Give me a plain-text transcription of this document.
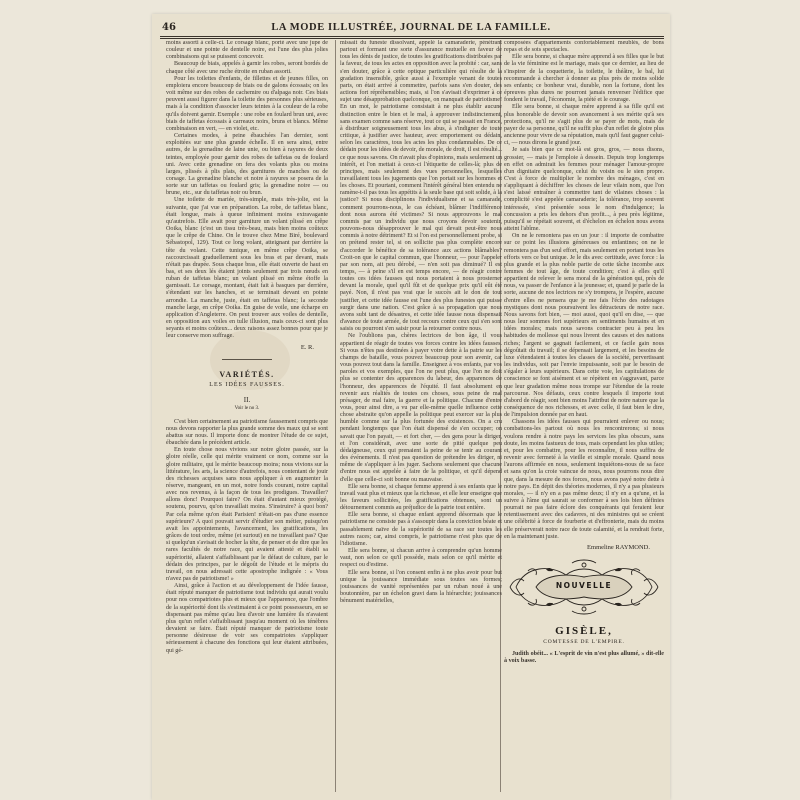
46	LA MODE ILLUSTRÉE, JOURNAL DE LA FAMILLE.

moins assorti à celle-ci. Le corsage blanc, porté avec une jupe de couleur et une pointe de dentelle noire, est l'une des plus jolies combinaisons qui se puissent concevoir.

Beaucoup de biais, appelés à garnir les robes, seront bordés de chaque côté avec une ruche étroite en ruban assorti.

Pour les toilettes d'enfants, de fillettes et de jeunes filles, on emploiera encore beaucoup de biais ou de galons écossais; on les voit même sur des robes de cachemire ou d'alpaga noir. Ces biais peuvent aussi figurer dans la toilette des personnes plus sérieuses, mais à la condition d'associer leurs teintes à la couleur de la robe qu'ils doivent garnir. Exemple : une robe en foulard brun uni, avec biais de taffetas écossais à carreaux noirs, bruns et blancs. Même combinaison en vert, — en violet, etc.

Certaines modes, à peine ébauchées l'an dernier, sont exploitées sur une plus grande échelle. Il en sera ainsi, entre autres, de la grenadine de laine unie, ou bien à rayures de deux teintes, employée pour garnir des robes de taffetas ou de foulard uni. Avec cette grenadine on fera des volants plus ou moins larges, plissés à plis plats, des garnitures de manches ou de corsage. La grenadine blanche et noire à rayures se posera de la sorte sur un taffetas ou foulard gris; la grenadine noire — ou brune, etc., sur du taffetas noir ou brun.

Une toilette de mariée, très-simple, mais très-jolie, est la suivante, que j'ai vue en préparation. La robe, de taffetas blanc, était longue, mais à queue infiniment moins extravagante qu'autrefois. Elle avait pour garniture un volant plissé en crêpe Ooika, blanc (c'est un tissu très-beau, mais bien moins coûteux que le crêpe de Chine. On le trouve chez Mme Biré, boulevard Sébastopol, 129). Tout ce long volant, atteignant par derrière la tête du volant. Cette tunique, en même crêpe Ooika, se raccourcissait graduellement sous les bras et par devant, mais n'était pas drapée. Sous chaque bras, elle était ouverte de haut en bas, et ses deux lés étaient joints seulement par trois nœuds en ruban de taffetas blanc; un volant plissé en même étoffe la garnissait. Le corsage, montant, était fait à basques par derrière, s'étendant sur les hanches, et se terminait devant en pointe arrondie. La manche, juste, était en taffetas blanc; la seconde manche large, en crêpe Ooika. En guise de voile, une écharpe en application d'Angleterre. On peut trouver aux voiles de dentelle, en opposition aux voiles en tulle illusion, mais ceux-ci sont plus seyants et moins coûteux... deux raisons assez bonnes pour que je leur conserve mon suffrage.

E. R.
VARIÉTÉS.
LES IDÉES FAUSSES.
II.
Voir le no 3.

C'est bien certainement au patriotisme faussement compris que nous devons rapporter la plus grande somme des maux qui se sont abattus sur nous. Il importe donc de montrer l'étude de ce sujet, ébauchée dans le précédent article.

En toute chose nous vivions sur notre gloire passée, sur la gloire réelle, celle qui mérite vraiment ce nom, comme sur la gloire militaire, qui le mérite beaucoup moins; nous vivions sur la littérature, les arts, la science d'autrefois, nous contentant de jouir des richesses acquises sans nous appliquer à en augmenter la réserve, mangeant, en un mot, notre fonds courant, notre capital avec nos revenus, à la façon de tous les prodigues. Travailler? allons donc! Pourquoi faire? On était d'autant mieux protégé, soutenu, pourvu, qu'on travaillait moins. S'instruire? à quoi bon? Par cela même qu'on était Parisien! n'était-on pas d'une essence supérieure? A quoi pouvait servir d'étudier son métier, puisqu'on avait les appointements, l'avancement, les gratifications, les grâces de tout ordre, même (et surtout) en ne travaillant pas? Que si quelqu'un s'avisait de hocher la tête, de penser et de dire que les rares facultés de notre race, qui avaient attesté et établi sa supériorité, allaient s'affaiblissant par le défaut de culture, par le dédain des principes, par le dégoût de l'étude et le mépris du travail, on nous adressait cette apostrophe indignée : « Vous n'avez pas de patriotisme! »

Ainsi, grâce à l'action et au développement de l'idée fausse, était réputé manquer de patriotisme tout individu qui aurait voulu pour nos compatriotes plus et mieux que l'apparence, que l'ombre de la supériorité dont ils s'estimaient à ce point possesseurs, en se dispensant pas même qu'au lieu d'avoir une lumière ils n'avaient plus qu'un reflet s'affaiblissant jusqu'au moment où les ténèbres devaient se faire. Était réputé manquer de patriotisme toute personne désireuse de voir ses compatriotes s'appliquer sérieusement à chacune des fonctions qui leur étaient attribuées, qui gé-

missait du funeste dissolvant, appelé la camaraderie, pénétrant partout et formant une sorte d'assurance mutuelle en faveur de tous les dénis de justice, de toutes les gratifications distribuées par la faveur, de tous les actes en opposition avec la probité : car, sans s'en douter, grâce à cette optique particulière qui résulte de la gradation insensible, grâce aussi à l'exemple venant de toutes parts, on était arrivé à commettre, parfois sans s'en douter, des actions fort répréhensibles; mais, si l'on s'avisait d'exprimer à ce sujet une désapprobation quelconque, on manquait de patriotisme! En un mot, le patriotisme consistait à ne plus établir aucune distinction entre le bien et le mal, à approuver indistinctement, sans examen comme sans réserve, tout ce qui se passait en France, à distribuer soigneusement tous les abus, à s'indigner de toute critique, à justifier avec hauteur, avec emportement ou dédain, selon les caractères, tous les actes les plus condamnables. De ce dédain pour les idées de devoir, de morale, de droit, il est résulté... ce que nous savons. On n'avait plus d'opinions, mais seulement un intérêt, et l'on mettait à ceux-ci l'étiquette de celles-là; plus de principes, mais seulement des vues personnelles, lesquelles travaillaient tous les jugements que l'on portait sur les hommes et les choses. Et pourtant, comment l'intérêt général bien entendu ne ramène-t-il pas tous les appétits à la seule base qui soit solide, à la justice? Si nous disciplinons l'individualisme et sa camarade, comment pourrons-nous, le cas échéant, blâmer l'indifférence dont nous aurons été victimes? Si nous approuvons le mal commis par un individu que nous croyons devoir soutenir, pouvons-nous désapprouver le mal qui devait peut-être nous commis à notre détriment? Et si l'on est personnellement probe, si on prétend rester tel, si on sollicite pas plus complète encore d'accorder le bénéfice de sa tolérance aux actions blâmables? Croit-on que le capital commun, que l'honneur, — pour l'appeler par son nom, ait peu dérobé, — n'en soit pas diminué? Il est temps, — à peine s'il en est temps encore, — de réagir contre toutes ces idées fausses qui nous portaient à nous prosterner devant la morale, quel qu'il fût et de quelque prix qu'il eût été payé. Non, il n'est pas vrai que le succès ait le don de tout justifier, et cette idée fausse est l'une des plus funestes qui puisse surgir dans une nation. C'est grâce à sa propagation que nous avons subi tant de désastres, et cette idée fausse nous dispensait d'avance de toute armée, de tout recours contre ceux qui s'en sont saisis ou pourront s'en saisir pour la retourner contre nous.

Ne l'oublions pas, chères lectrices de bon âge, il vous appartient de réagir de toutes vos forces contre les idées fausses. Si vous n'êtes pas destinées à payer votre dette à la patrie sur les champs de bataille, vous pouvez beaucoup pour son avenir, car vous pouvez tout dans la famille. Enseignez à vos enfants, par vos paroles et vos exemples, que l'on ne peut plus, que l'on ne doit plus se contenter des apparences du labeur, des apparences de l'honneur, des apparences de l'équité. Il faut absolument en revenir aux réalités de toutes ces choses, sous peine de mal présager, de mal faire, la guerre et la politique. Chacune d'entre vous, pour ainsi dire, a vu par elle-même quelle influence cette chose abstraite qu'on appelle la politique peut exercer sur la plus humble comme sur la plus fortunée des existences. On a cru pendant longtemps que l'on était dispensé de s'en occuper; on savait que l'on payait, — et fort cher, — des gens pour la diriger, et l'on considérait, avec une sorte de pitié quelque peu dédaigneuse, ceux qui prenaient la peine de se tenir au courant des événements. Il n'est pas question de prétendre les diriger, ni même de s'appliquer à les juger. Sachons seulement que chacune d'entre nous est appelée à faire de la politique, et qu'il dépend d'elle que celle-ci soit bonne ou mauvaise.

Elle sera bonne, si chaque femme apprend à ses enfants que le travail vaut plus et mieux que la richesse, et elle leur enseigne que les faveurs sollicitées, les gratifications obtenues, sont un détournement commis au préjudice de la patrie tout entière.

Elle sera bonne, si chaque enfant apprend désormais que le patriotisme ne consiste pas à s'assoupir dans la conviction béate et passablement naïve de la supériorité de sa race sur toutes les autres races; car, ainsi compris, le patriotisme n'est plus que de l'idiotisme.

Elle sera bonne, si chacun arrive à comprendre qu'un homme vaut, non selon ce qu'il possède, mais selon ce qu'il mérite et respect ou d'estime.

Elle sera bonne, si l'on consent enfin à ne plus avoir pour but unique la jouissance immédiate sous toutes ses formes; jouissances de vanité représentées par un ruban noué à une boutonnière, par un échelon gravi dans la hiérarchie; jouissances bénument matérielles,

composées d'appartements confortablement meublés, de bons repas et de sots spectacles.

Elle sera bonne, si chaque mère apprend à ses filles que le but de la vie féminine est le mariage, mais que ce dernier, au lieu de s'inspirer de la coquetterie, la toilette, le théâtre, le bal, lui recommande à chercher à donner au plus près de moins solide ses enfants; ce bonheur vrai, durable, non la fortune, dont les épreuves plus dures ne pourront jamais renverser l'édifice que fondent le travail, l'économie, la piété et le courage.

Elle sera bonne, si chaque mère apprend à sa fille qu'il est plus honorable de devoir son avancement à ses mérite qu'à ses protections, qu'il ne s'agit plus de se payer de mots, mais de payer de sa personne, qu'il ne suffit plus d'un reflet de gloire plus ancienne pour vivre de sa réputation, mais qu'il faut gagner celui-ci, — nous dirons le grand jour.

Je sais bien que ce mot-là est gros, gros, — nous disons, grossier, — mais je l'emploie à dessein. Depuis trop longtemps en effet on admirait les femmes pour ménager l'amour-propre d'un dignitaire quelconque, celui du voisin ou le sien propre. C'est à force de multiplier le nombre des ménages, c'est en s'appliquant à déchiffrer les choses de leur vilain nom, que l'on s'est laissé entraîner à commettre tant de vilaines choses : la complicité s'est appelée camaraderie; la tolérance, trop souvent intéressée, s'est présentée sous le nom d'indulgence; la concussion a pris les dehors d'un profit..., à peu près légitime, puisqu'il se répétait souvent, et d'échelon en échelon nous avons atteint l'abîme.

On ne le remontera pas en un jour : il importe de combattre sur ce point les illusions généreuses ou enfantines; on ne le remontera pas d'un seul effort, mais seulement en portant tous les efforts vers ce but unique. Je le dis avec certitude, avec force : la plus grande et la plus noble partie de cette tâche incombe aux femmes de tout âge, de toute condition; c'est à elles qu'il appartient de relever le sens moral de la génération qui, près de nous, va passer de l'enfance à la jeunesse; et, quand je parle de la sorte, aucune de nos lectrices ne s'y trompera, je l'espère, aucune d'entre elles ne pensera que je me fais l'écho des radotages mystiques dont nous poursuivent les détracteurs de notre race. Nous savons fort bien, — moi aussi, quoi qu'il en dise, — que nous leur sommes fort supérieurs en sentiments humains et en idées morales; mais nous savons contracter peu à peu les habitudes de mollesse qui nous livrent des causes et des nations riches; l'argent se gagnait facilement, et ce facile gain nous dégoûtait du travail; il se dépensait largement, et les besoins de luxe s'étendaient à toutes les classes de la société, pervertissant les individus, soit par l'envie impuissante, soit par le besoin de s'égaler à leurs supérieurs. Dans cette voie, les capitulations de conscience se font aisément et se répètent en s'aggravant, parce que leur gradation même nous trompe sur l'étendue de la route parcourue. Nos défauts, ceux contre lesquels il importe tout d'abord de réagir, sont bien moins l'attribut de notre nature que la conséquence de nos richesses, et avec celle, il faut bien le dire, de l'impulsion donnée par en haut.

Chassons les idées fausses qui pourraient enlever ou nous; combattons-les partout où nous les rencontrerons; si nous voulons rendre à notre pays les services les plus obscurs, sans doute, les moins fastueux de tous, mais cependant les plus utiles; et, pour les combattre, pour les reconnaître, il nous suffira de revenir avec fermeté à la vieille et simple morale. Quand nous l'aurons affirmée en nous, seulement inquiétons-nous de sa face et sans qu'on la croie vaincue de nous, nous pourrons nous dire que, dans la mesure de nos forces, nous avons payé notre dette à notre pays. En dépit des théories modernes, il n'y a pas plusieurs morales, — il n'y en a pas même deux; il n'y en a qu'une, et la suivre à l'âme qui saurait se conformer à ses lois bien définies pourrait ne pas faire éclore des conquérants qui feraient leur retentissement avec des cadavres, ni des ministres qui se créent une célébrité à force de fourberie et d'effronterie, mais du moins elle préserverait notre race de toute calamité, et la rendrait forte, en la maintenant juste.

Emmeline RAYMOND.
NOUVELLE
GISÈLE,
COMTESSE DE L'EMPIRE.

Judith obéit... « L'esprit de vin n'est plus allumé, » dit-elle à voix basse.
